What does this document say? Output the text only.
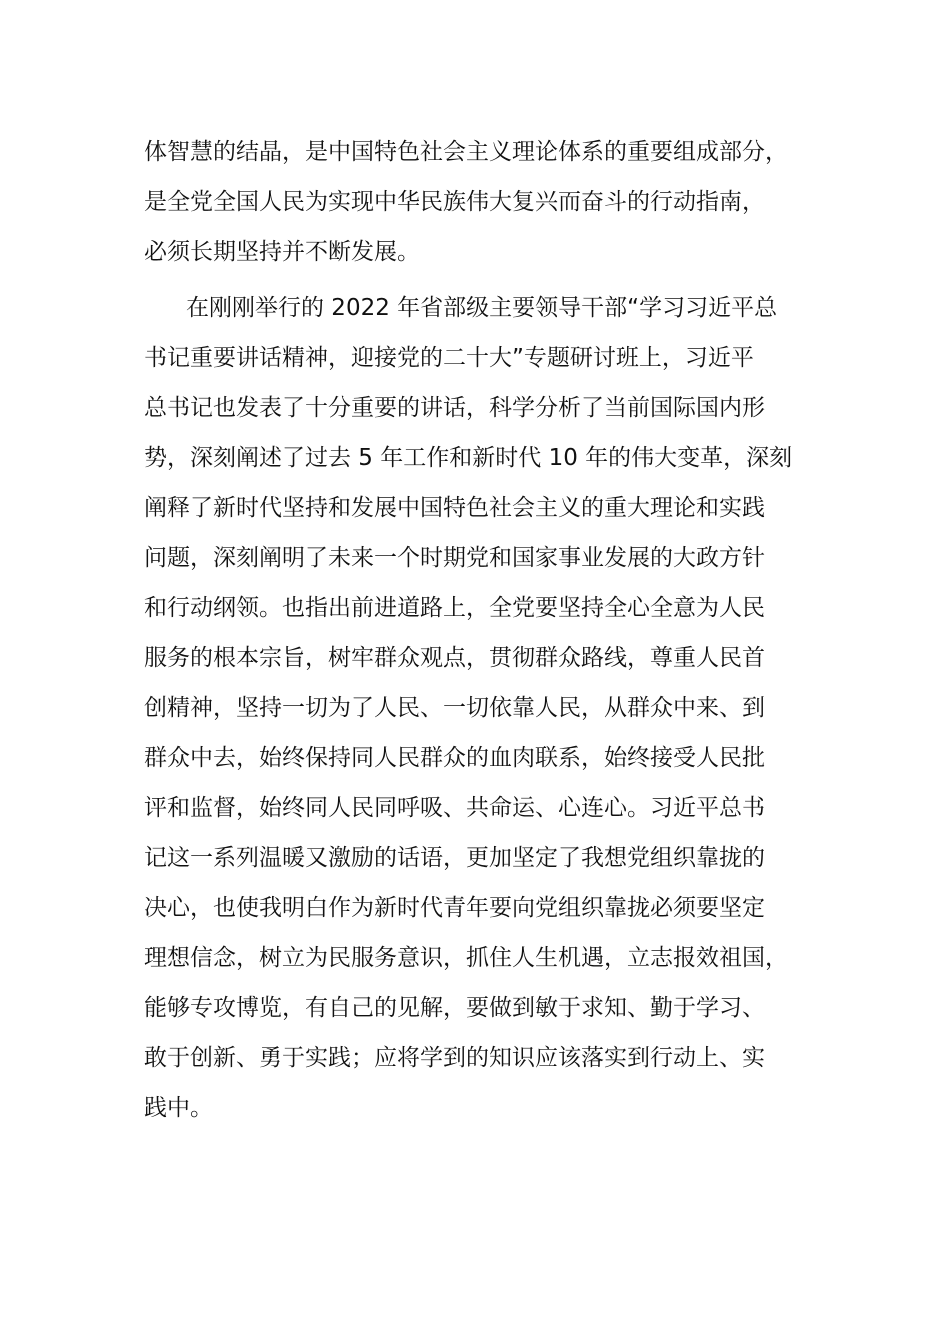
体智慧的结晶，是中国特色社会主义理论体系的重要组成部分，
是全党全国人民为实现中华民族伟大复兴而奋斗的行动指南，
必须长期坚持并不断发展。
在刚刚举行的 2022 年省部级主要领导干部“学习习近平总
书记重要讲话精神，迎接党的二十大”专题研讨班上，习近平
总书记也发表了十分重要的讲话，科学分析了当前国际国内形
势，深刻阐述了过去 5 年工作和新时代 10 年的伟大变革，深刻
阐释了新时代坚持和发展中国特色社会主义的重大理论和实践
问题，深刻阐明了未来一个时期党和国家事业发展的大政方针
和行动纲领。也指出前进道路上，全党要坚持全心全意为人民
服务的根本宗旨，树牢群众观点，贯彻群众路线，尊重人民首
创精神，坚持一切为了人民、一切依靠人民，从群众中来、到
群众中去，始终保持同人民群众的血肉联系，始终接受人民批
评和监督，始终同人民同呼吸、共命运、心连心。习近平总书
记这一系列温暖又激励的话语，更加坚定了我想党组织靠拢的
决心，也使我明白作为新时代青年要向党组织靠拢必须要坚定
理想信念，树立为民服务意识，抓住人生机遇，立志报效祖国，
能够专攻博览，有自己的见解，要做到敏于求知、勤于学习、
敢于创新、勇于实践；应将学到的知识应该落实到行动上、实
践中。
